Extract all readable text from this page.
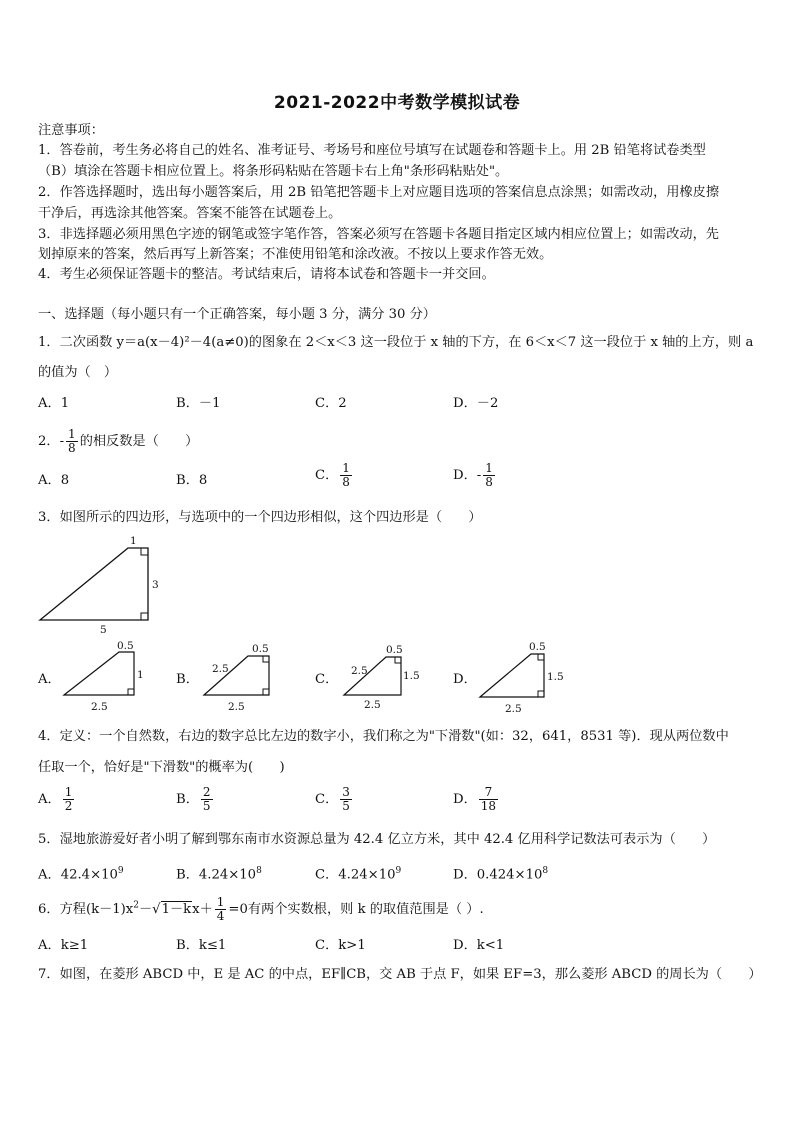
2021-2022中考数学模拟试卷
注意事项：
1．答卷前，考生务必将自己的姓名、准考证号、考场号和座位号填写在试题卷和答题卡上。用 2B 铅笔将试卷类型
（B）填涂在答题卡相应位置上。将条形码粘贴在答题卡右上角"条形码粘贴处"。
2．作答选择题时，选出每小题答案后，用 2B 铅笔把答题卡上对应题目选项的答案信息点涂黑；如需改动，用橡皮擦
干净后，再选涂其他答案。答案不能答在试题卷上。
3．非选择题必须用黑色字迹的钢笔或签字笔作答，答案必须写在答题卡各题目指定区域内相应位置上；如需改动，先
划掉原来的答案，然后再写上新答案；不准使用铅笔和涂改液。不按以上要求作答无效。
4．考生必须保证答题卡的整洁。考试结束后，请将本试卷和答题卡一并交回。
一、选择题（每小题只有一个正确答案，每小题 3 分，满分 30 分）
1．二次函数 y＝a(x－4)²－4(a≠0)的图象在 2＜x＜3 这一段位于 x 轴的下方，在 6＜x＜7 这一段位于 x 轴的上方，则 a
的值为（　）
A．1	B．－1	C．2	D．－2
2．- $\frac{1}{8}$ 的相反数是（　　）
A．8	B．8	C． $\frac{1}{8}$	D．- $\frac{1}{8}$
3．如图所示的四边形，与选项中的一个四边形相似，这个四边形是（　　）
1
3
5
A．
0.5
1
2.5
B．
0.5
2.5
2.5
C．
0.5
2.5	1.5
2.5
D．
0.5
1.5
2.5
4．定义：一个自然数，右边的数字总比左边的数字小，我们称之为"下滑数"(如：32，641，8531 等)．现从两位数中
任取一个，恰好是"下滑数"的概率为(　　)
A． $\frac{1}{2}$	B． $\frac{2}{5}$	C． $\frac{3}{5}$	D． $\frac{7}{18}$
5．湿地旅游爱好者小明了解到鄂东南市水资源总量为 42.4 亿立方米，其中 42.4 亿用科学记数法可表示为（　　）
A．$42.4\times 10^9$	B．$4.24\times 10^8$	C．$4.24\times 10^9$	D．$0.424\times 10^8$
6．方程$(k-1)x^2-√1-kx+ \frac{1}{4} =0$有两个实数根，则 k 的取值范围是（ ）.
A．k≥1	B．k≤1	C．k>1	D．k<1
7．如图，在菱形 ABCD 中，E 是 AC 的中点，EF∥CB，交 AB 于点 F，如果 EF=3，那么菱形 ABCD 的周长为（　　）
